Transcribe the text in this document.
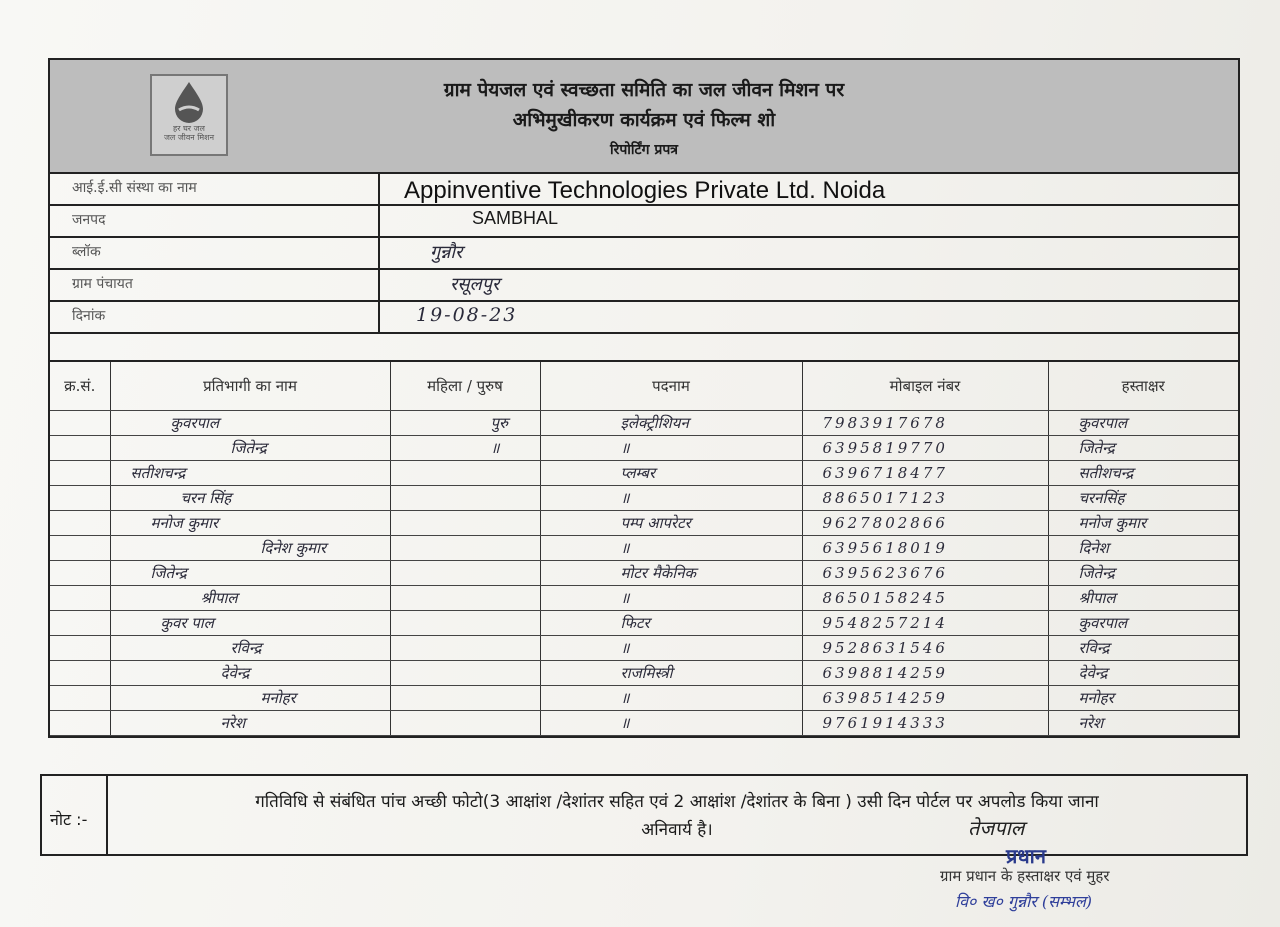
हर घर जल
जल जीवन मिशन
ग्राम पेयजल एवं स्वच्छता समिति का जल जीवन मिशन पर
अभिमुखीकरण कार्यक्रम एवं फिल्म शो
रिपोर्टिंग प्रपत्र
आई.ई.सी संस्था का नाम	Appinventive Technologies Private Ltd. Noida
जनपद	SAMBHAL
ब्लॉक	गुन्नौर
ग्राम पंचायत	रसूलपुर
दिनांक	19-08-23
क्र.सं.	प्रतिभागी का नाम	महिला / पुरुष	पदनाम	मोबाइल नंबर	हस्ताक्षर
	कुवरपाल	पुरु	इलेक्ट्रीशियन	7983917678	कुवरपाल
	जितेन्द्र	॥	॥	6395819770	जितेन्द्र
	सतीशचन्द्र		प्लम्बर	6396718477	सतीशचन्द्र
	चरन सिंह		॥	8865017123	चरनसिंह
	मनोज कुमार		पम्प आपरेटर	9627802866	मनोज कुमार
	दिनेश कुमार		॥	6395618019	दिनेश
	जितेन्द्र		मोटर मैकेनिक	6395623676	जितेन्द्र
	श्रीपाल		॥	8650158245	श्रीपाल
	कुवर पाल		फिटर	9548257214	कुवरपाल
	रविन्द्र		॥	9528631546	रविन्द्र
	देवेन्द्र		राजमिस्त्री	6398814259	देवेन्द्र
	मनोहर		॥	6398514259	मनोहर
	नरेश		॥	9761914333	नरेश
नोट :-
गतिविधि से संबंधित पांच अच्छी फोटो(3 आक्षांश /देशांतर सहित एवं 2 आक्षांश /देशांतर के बिना ) उसी दिन पोर्टल पर अपलोड किया जाना
अनिवार्य है।	तेजपाल
प्रधान
ग्राम प्रधान के हस्ताक्षर एवं मुहर
वि० ख० गुन्नौर (सम्भल)
